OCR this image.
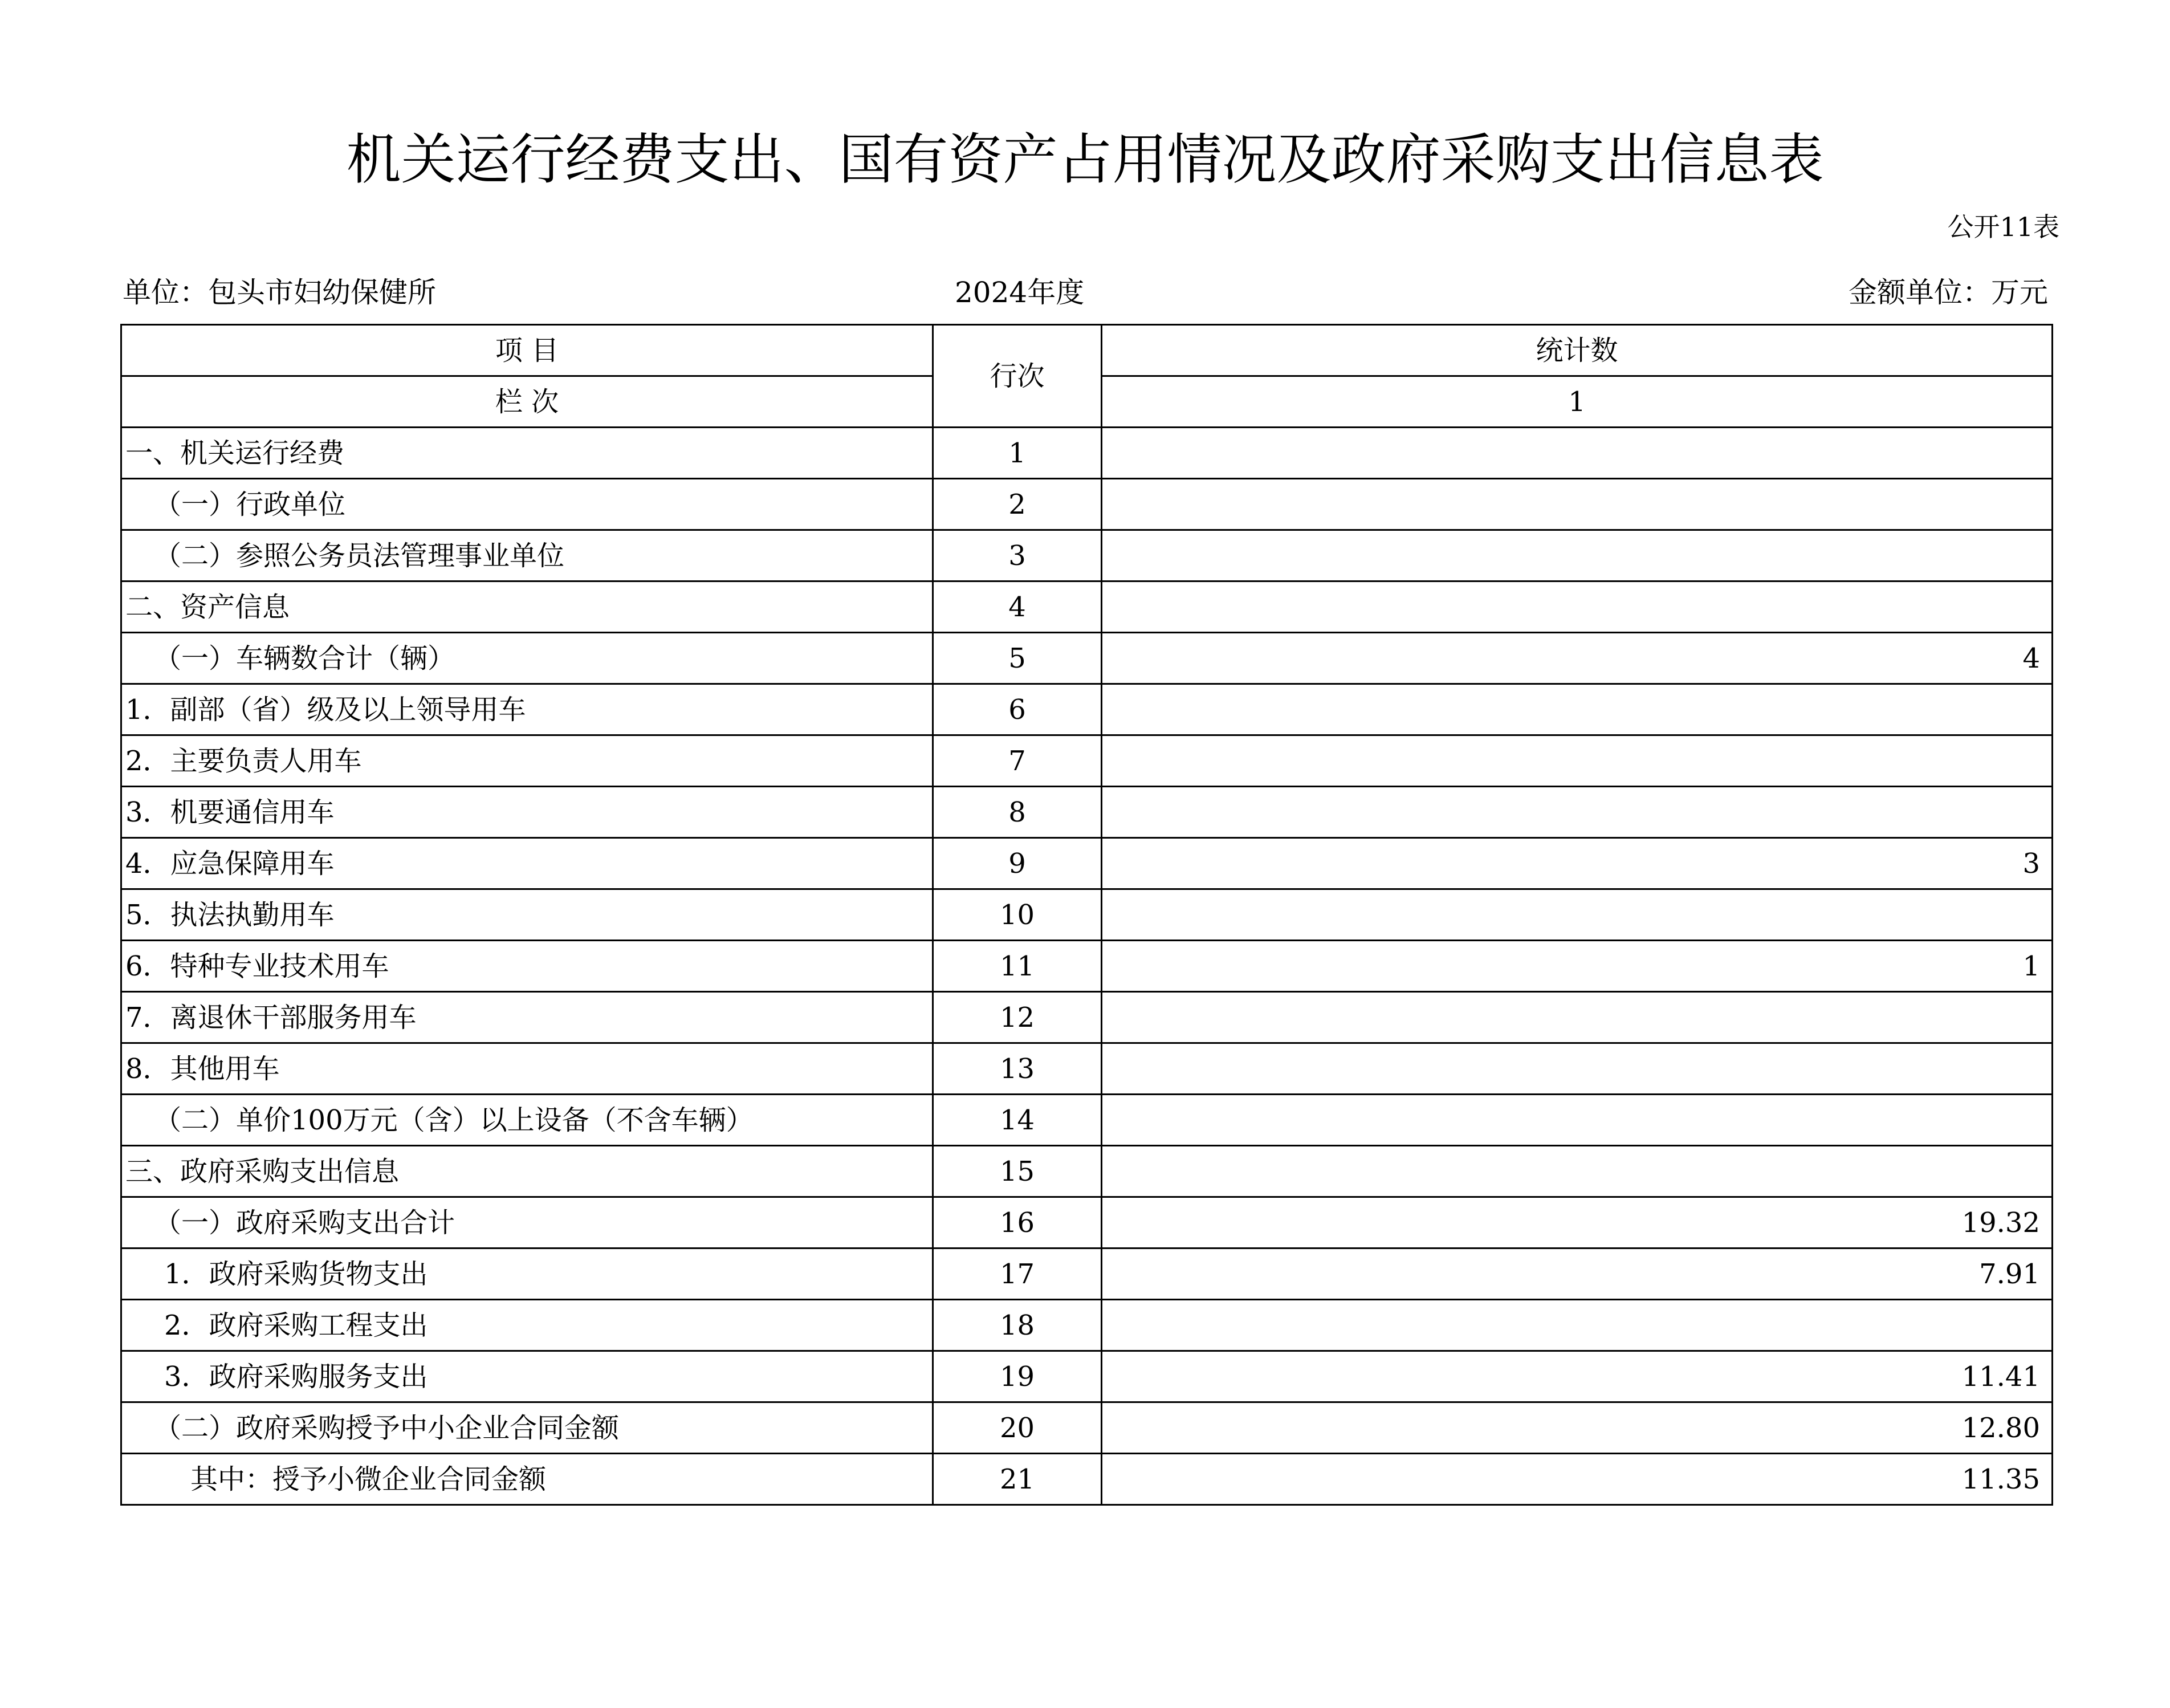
机关运行经费支出、国有资产占用情况及政府采购支出信息表
公开11表
单位：包头市妇幼保健所	2024年度	金额单位：万元
项 目	行次	统计数
栏 次		1
一、机关运行经费	1	
（一）行政单位	2	
（二）参照公务员法管理事业单位	3	
二、资产信息	4	
（一）车辆数合计（辆）	5	4
1．副部（省）级及以上领导用车	6	
2．主要负责人用车	7	
3．机要通信用车	8	
4．应急保障用车	9	3
5．执法执勤用车	10	
6．特种专业技术用车	11	1
7．离退休干部服务用车	12	
8．其他用车	13	
（二）单价100万元（含）以上设备（不含车辆）	14	
三、政府采购支出信息	15	
（一）政府采购支出合计	16	19.32
1．政府采购货物支出	17	7.91
2．政府采购工程支出	18	
3．政府采购服务支出	19	11.41
（二）政府采购授予中小企业合同金额	20	12.80
其中：授予小微企业合同金额	21	11.35
